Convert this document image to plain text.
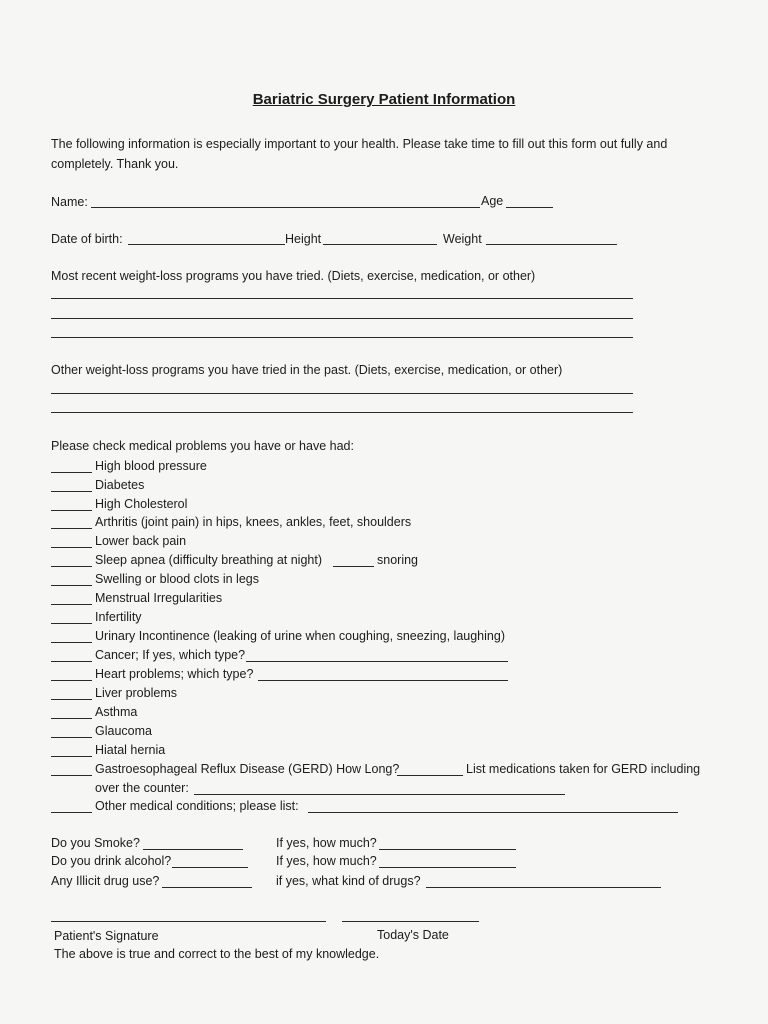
Bariatric Surgery Patient Information
The following information is especially important to your health. Please take time to fill out this form out fully and
completely. Thank you.
Name:	Age
Date of birth:	Height	Weight
Most recent weight-loss programs you have tried. (Diets, exercise, medication, or other)
Other weight-loss programs you have tried in the past. (Diets, exercise, medication, or other)
Please check medical problems you have or have had:
High blood pressure
Diabetes
High Cholesterol
Arthritis (joint pain) in hips, knees, ankles, feet, shoulders
Lower back pain
Sleep apnea (difficulty breathing at night)	snoring
Swelling or blood clots in legs
Menstrual Irregularities
Infertility
Urinary Incontinence (leaking of urine when coughing, sneezing, laughing)
Cancer; If yes, which type?
Heart problems; which type?
Liver problems
Asthma
Glaucoma
Hiatal hernia
Gastroesophageal Reflux Disease (GERD) How Long?	List medications taken for GERD including
over the counter:
Other medical conditions; please list:
Do you Smoke?	If yes, how much?
Do you drink alcohol?	If yes, how much?
Any Illicit drug use?	if yes, what kind of drugs?
Patient's Signature	Today's Date
The above is true and correct to the best of my knowledge.
